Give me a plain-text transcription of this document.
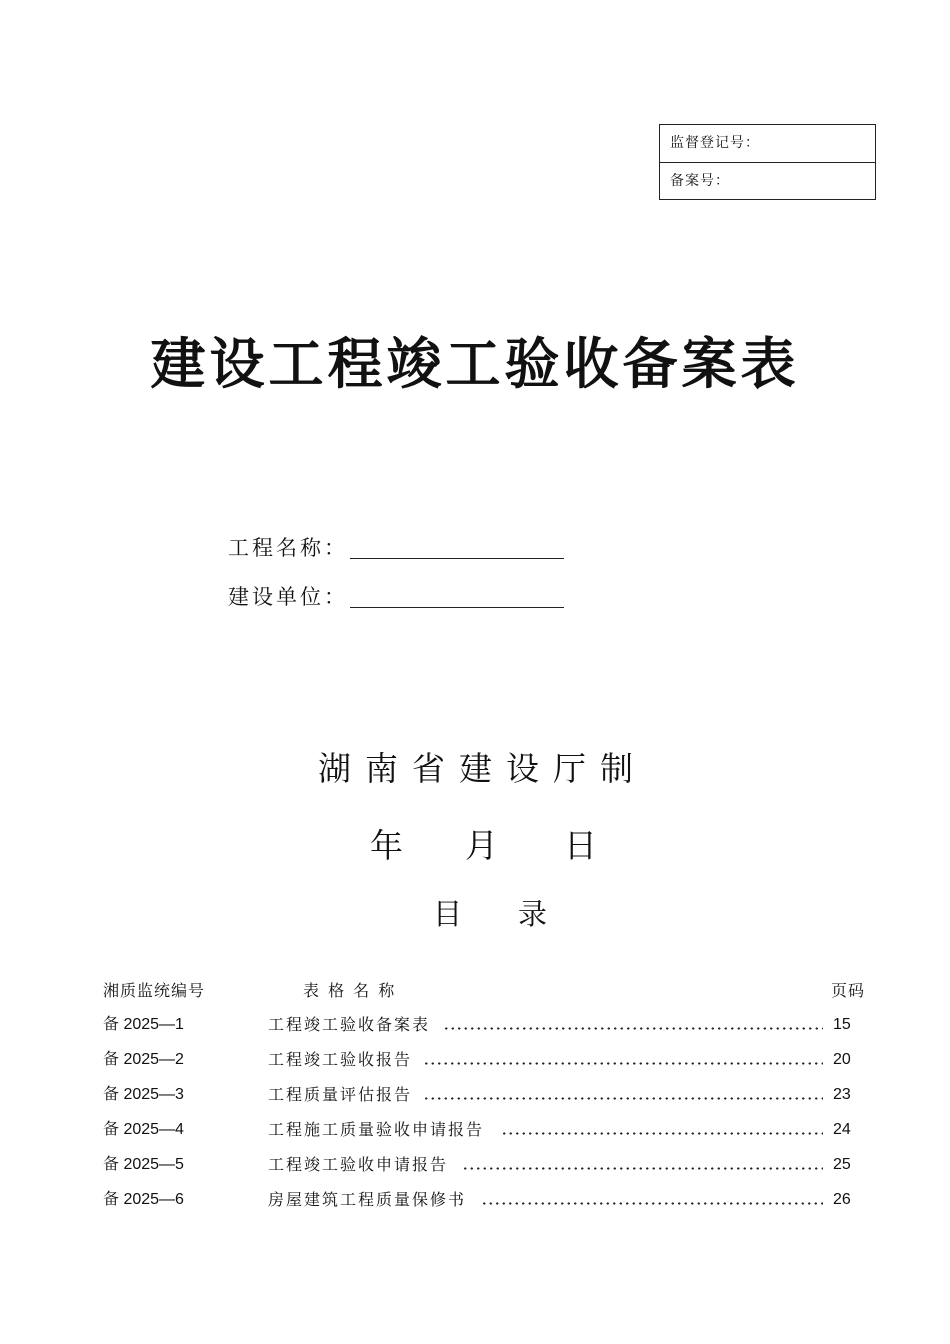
监督登记号：
备案号：
建设工程竣工验收备案表
工程名称：
建设单位：
湖南省建设厅制
年 月 日
目 录
湘质监统编号	表 格 名 称	页码
备 2025—1	工程竣工验收备案表	15
备 2025—2	工程竣工验收报告	20
备 2025—3	工程质量评估报告	23
备 2025—4	工程施工质量验收申请报告	24
备 2025—5	工程竣工验收申请报告	25
备 2025—6	房屋建筑工程质量保修书	26
